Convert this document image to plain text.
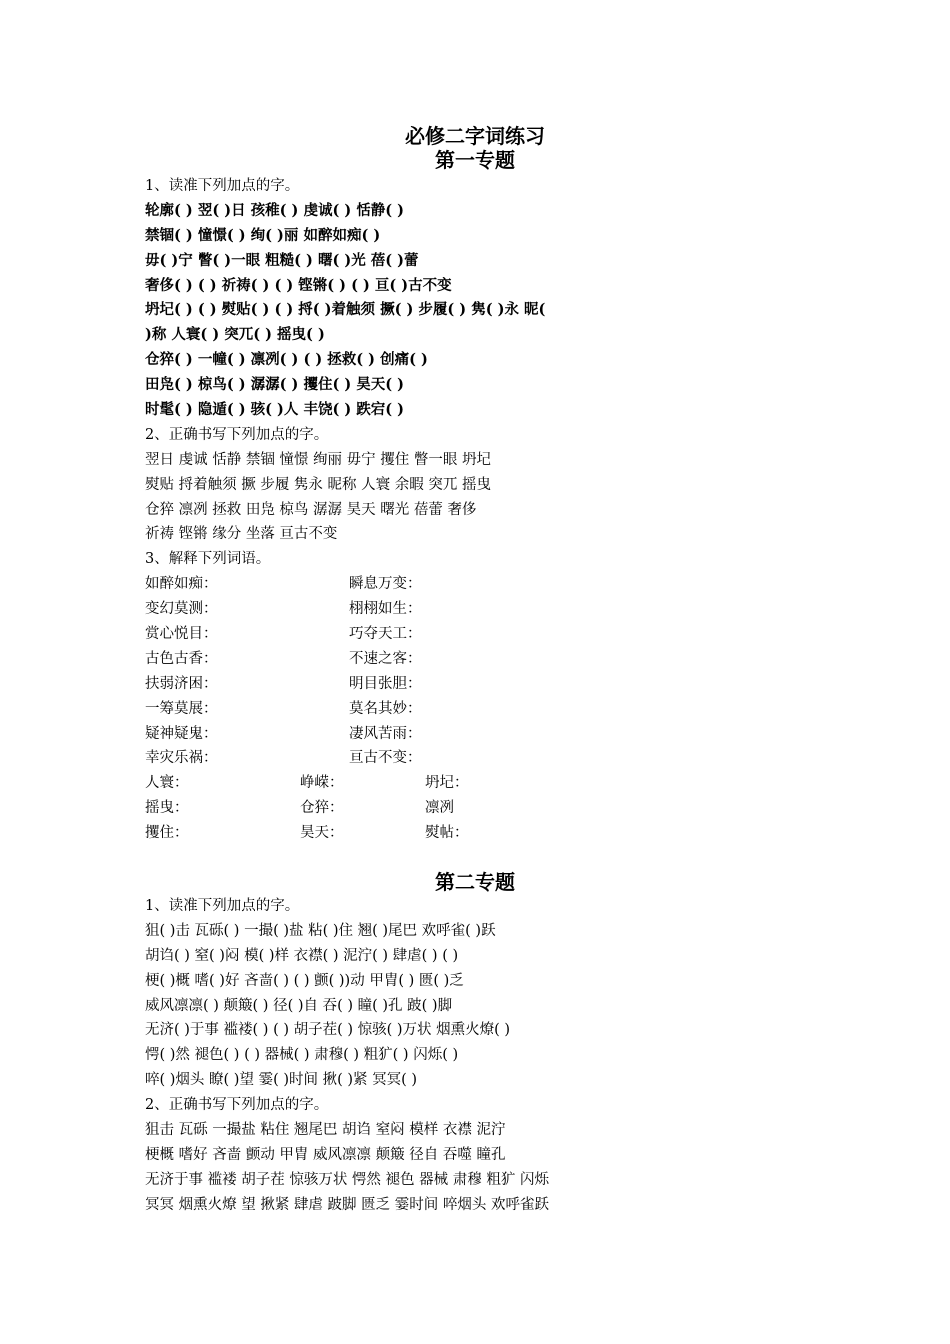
必修二字词练习
第一专题
1、读准下列加点的字。
轮廓( ) 翌( )日 孩稚( ) 虔诚( ) 恬静( )
禁锢( ) 憧憬( ) 绚( )丽 如醉如痴( )
毋( )宁 瞥( )一眼 粗糙( ) 曙( )光 蓓( )蕾
奢侈( ) ( ) 祈祷( ) ( ) 铿锵( ) ( ) 亘( )古不变
坍圮( ) ( ) 熨贴( ) ( ) 捋( )着触须 撅( ) 步履( ) 隽( )永 昵(
)称 人寰( ) 突兀( ) 摇曳( )
仓猝( ) 一幢( ) 凛冽( ) ( ) 拯救( ) 创痛( )
田凫( ) 椋鸟( ) 潺潺( ) 攫住( ) 昊天( )
时髦( ) 隐遁( ) 骇( )人 丰饶( ) 跌宕( )
2、正确书写下列加点的字。
翌日 虔诚 恬静 禁锢 憧憬 绚丽 毋宁 攫住 瞥一眼 坍圮
熨贴 捋着触须 撅 步履 隽永 昵称 人寰 余暇 突兀 摇曳
仓猝 凛冽 拯救 田凫 椋鸟 潺潺 昊天 曙光 蓓蕾 奢侈
祈祷 铿锵 缘分 坐落 亘古不变
3、解释下列词语。
如醉如痴：	瞬息万变：
变幻莫测：	栩栩如生：
赏心悦目：	巧夺天工：
古色古香：	不速之客：
扶弱济困：	明目张胆：
一筹莫展：	莫名其妙：
疑神疑鬼：	凄风苦雨：
幸灾乐祸：	亘古不变：
人寰：	峥嵘：	坍圮：
摇曳：	仓猝：	凛冽
攫住：	昊天：	熨帖：
第二专题
1、读准下列加点的字。
狙( )击 瓦砾( ) 一撮( )盐 粘( )住 翘( )尾巴 欢呼雀( )跃
胡诌( ) 窒( )闷 模( )样 衣襟( ) 泥泞( ) 肆虐( ) ( )
梗( )概 嗜( )好 吝啬( ) ( ) 颤( ))动 甲胄( ) 匮( )乏
威风凛凛( ) 颠簸( ) 径( )自 吞( ) 瞳( )孔 跛( )脚
无济( )于事 褴褛( ) ( ) 胡子茬( ) 惊骇( )万状 烟熏火燎( )
愕( )然 褪色( ) ( ) 器械( ) 肃穆( ) 粗犷( ) 闪烁( )
啐( )烟头 瞭( )望 霎( )时间 揪( )紧 冥冥( )
2、正确书写下列加点的字。
狙击 瓦砾 一撮盐 粘住 翘尾巴 胡诌 窒闷 模样 衣襟 泥泞
梗概 嗜好 吝啬 颤动 甲胄 威风凛凛 颠簸 径自 吞噬 瞳孔
无济于事 褴褛 胡子茬 惊骇万状 愕然 褪色 器械 肃穆 粗犷 闪烁
冥冥 烟熏火燎 望 揪紧 肆虐 跛脚 匮乏 霎时间 啐烟头 欢呼雀跃
